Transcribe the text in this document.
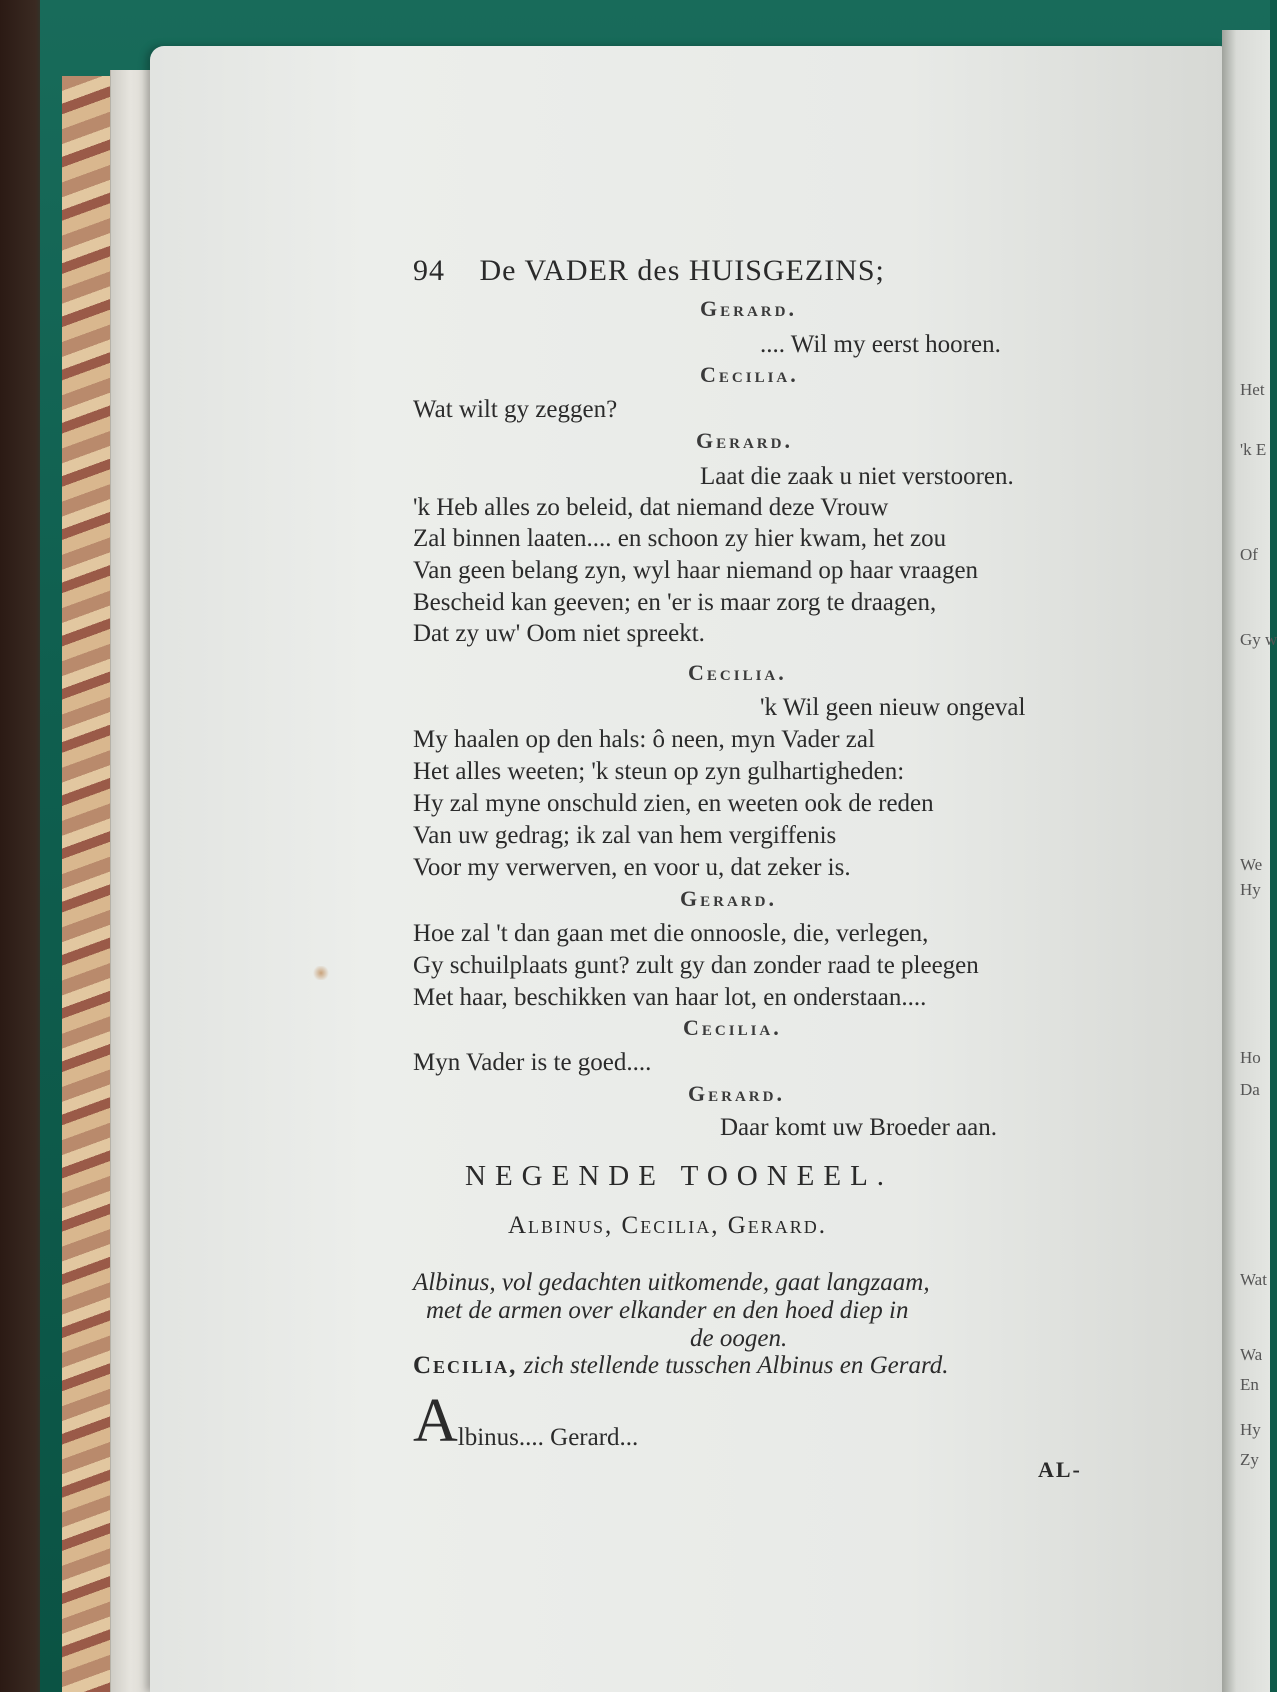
Het
'k E
Of
Gy w
We
Hy
Ho
Da
Wat
Wa
En
Hy
Zy
94 De VADER des HUISGEZINS;
Gerard.
.... Wil my eerst hooren.
Cecilia.
Wat wilt gy zeggen?
Gerard.
Laat die zaak u niet verstooren.
'k Heb alles zo beleid, dat niemand deze Vrouw
Zal binnen laaten.... en schoon zy hier kwam, het zou
Van geen belang zyn, wyl haar niemand op haar vraagen
Bescheid kan geeven; en 'er is maar zorg te draagen,
Dat zy uw' Oom niet spreekt.
Cecilia.
'k Wil geen nieuw ongeval
My haalen op den hals: ô neen, myn Vader zal
Het alles weeten; 'k steun op zyn gulhartigheden:
Hy zal myne onschuld zien, en weeten ook de reden
Van uw gedrag; ik zal van hem vergiffenis
Voor my verwerven, en voor u, dat zeker is.
Gerard.
Hoe zal 't dan gaan met die onnoosle, die, verlegen,
Gy schuilplaats gunt? zult gy dan zonder raad te pleegen
Met haar, beschikken van haar lot, en onderstaan....
Cecilia.
Myn Vader is te goed....
Gerard.
Daar komt uw Broeder aan.
NEGENDE TOONEEL.
Albinus, Cecilia, Gerard.
Albinus, vol gedachten uitkomende, gaat langzaam,
met de armen over elkander en den hoed diep in
de oogen.
Cecilia, zich stellende tusschen Albinus en Gerard.
Albinus.... Gerard...
AL-
